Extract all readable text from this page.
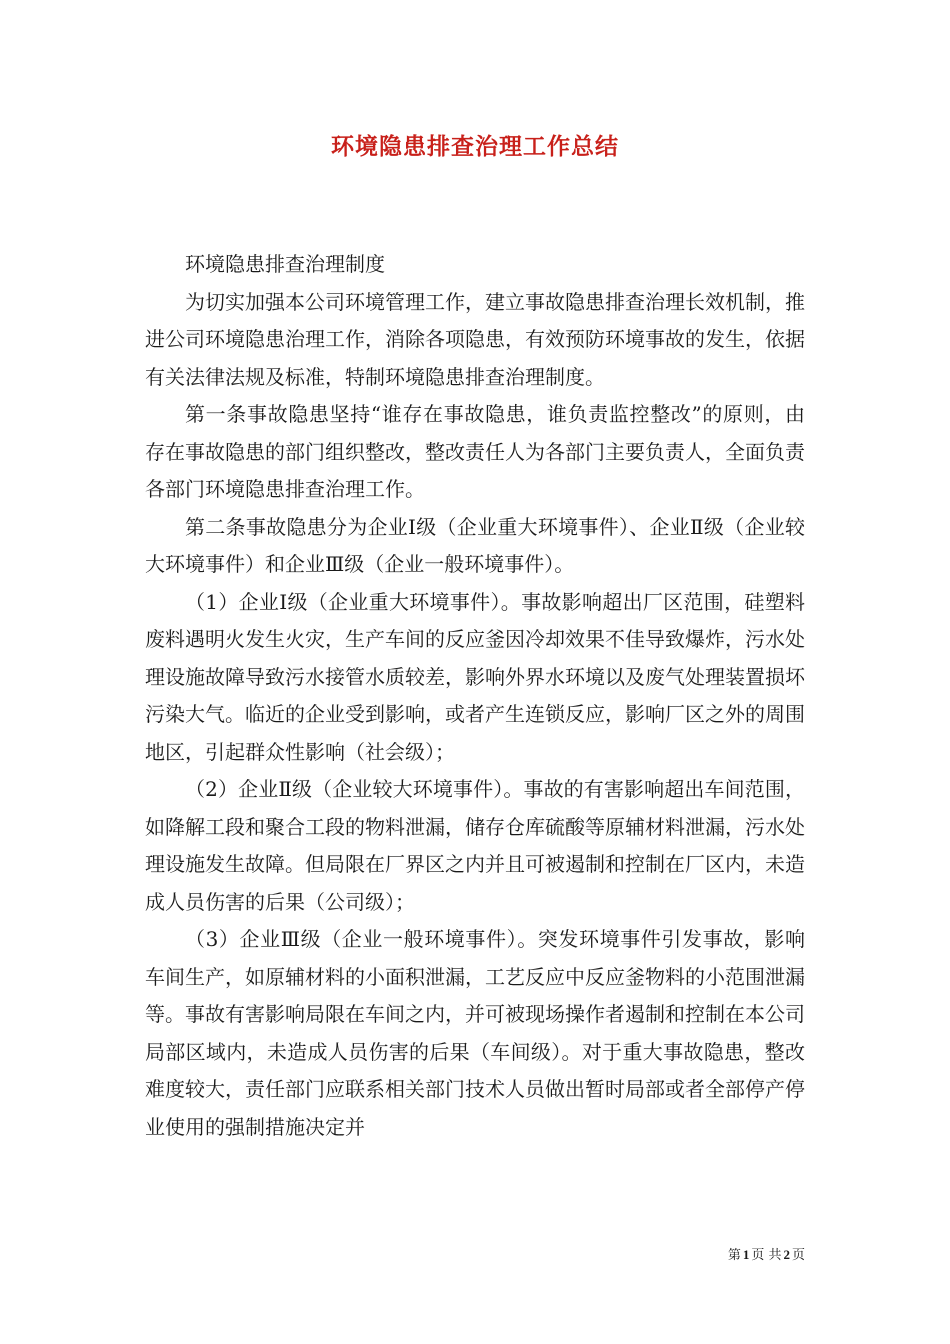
环境隐患排查治理工作总结

环境隐患排查治理制度

为切实加强本公司环境管理工作，建立事故隐患排查治理长效机制，推进公司环境隐患治理工作，消除各项隐患，有效预防环境事故的发生，依据有关法律法规及标准，特制环境隐患排查治理制度。

第一条事故隐患坚持“谁存在事故隐患，谁负责监控整改”的原则，由存在事故隐患的部门组织整改，整改责任人为各部门主要负责人，全面负责各部门环境隐患排查治理工作。

第二条事故隐患分为企业Ⅰ级（企业重大环境事件）、企业Ⅱ级（企业较大环境事件）和企业Ⅲ级（企业一般环境事件）。

（1）企业Ⅰ级（企业重大环境事件）。事故影响超出厂区范围，硅塑料废料遇明火发生火灾，生产车间的反应釜因冷却效果不佳导致爆炸，污水处理设施故障导致污水接管水质较差，影响外界水环境以及废气处理装置损坏污染大气。临近的企业受到影响，或者产生连锁反应，影响厂区之外的周围地区，引起群众性影响（社会级）；

（2）企业Ⅱ级（企业较大环境事件）。事故的有害影响超出车间范围，如降解工段和聚合工段的物料泄漏，储存仓库硫酸等原辅材料泄漏，污水处理设施发生故障。但局限在厂界区之内并且可被遏制和控制在厂区内，未造成人员伤害的后果（公司级）；

（3）企业Ⅲ级（企业一般环境事件）。突发环境事件引发事故，影响车间生产，如原辅材料的小面积泄漏，工艺反应中反应釜物料的小范围泄漏等。事故有害影响局限在车间之内，并可被现场操作者遏制和控制在本公司局部区域内，未造成人员伤害的后果（车间级）。对于重大事故隐患，整改难度较大，责任部门应联系相关部门技术人员做出暂时局部或者全部停产停业使用的强制措施决定并

第 1 页 共 2 页
